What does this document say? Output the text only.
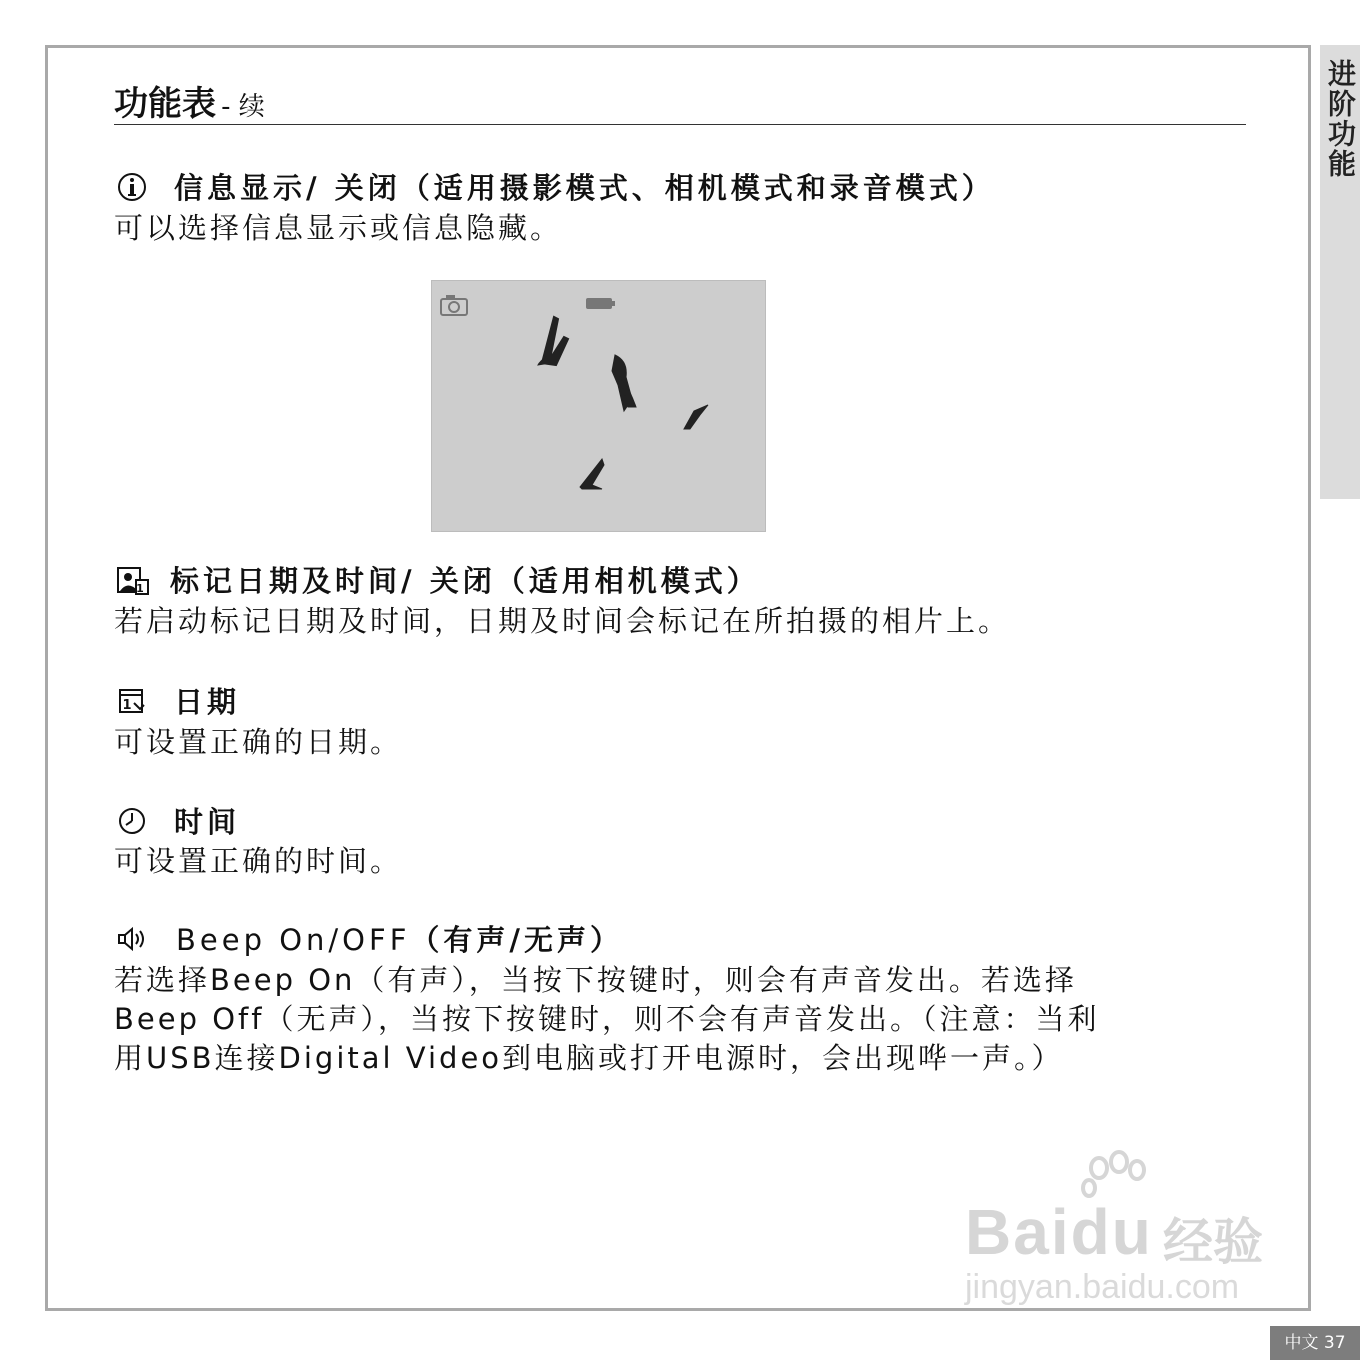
进阶功能
功能表 - 续
信息显示/ 关闭（适用摄影模式、相机模式和录音模式）
可以选择信息显示或信息隐藏。
1 标记日期及时间/ 关闭（适用相机模式）
若启动标记日期及时间，日期及时间会标记在所拍摄的相片上。
1 日期
可设置正确的日期。
时间
可设置正确的时间。
Beep On/OFF（有声/无声）
若选择Beep On（有声），当按下按键时，则会有声音发出。若选择
Beep Off（无声），当按下按键时，则不会有声音发出。（注意：当利
用USB连接Digital Video到电脑或打开电源时，会出现哗一声。）
Baidu 经验
jingyan.baidu.com
中文 37
